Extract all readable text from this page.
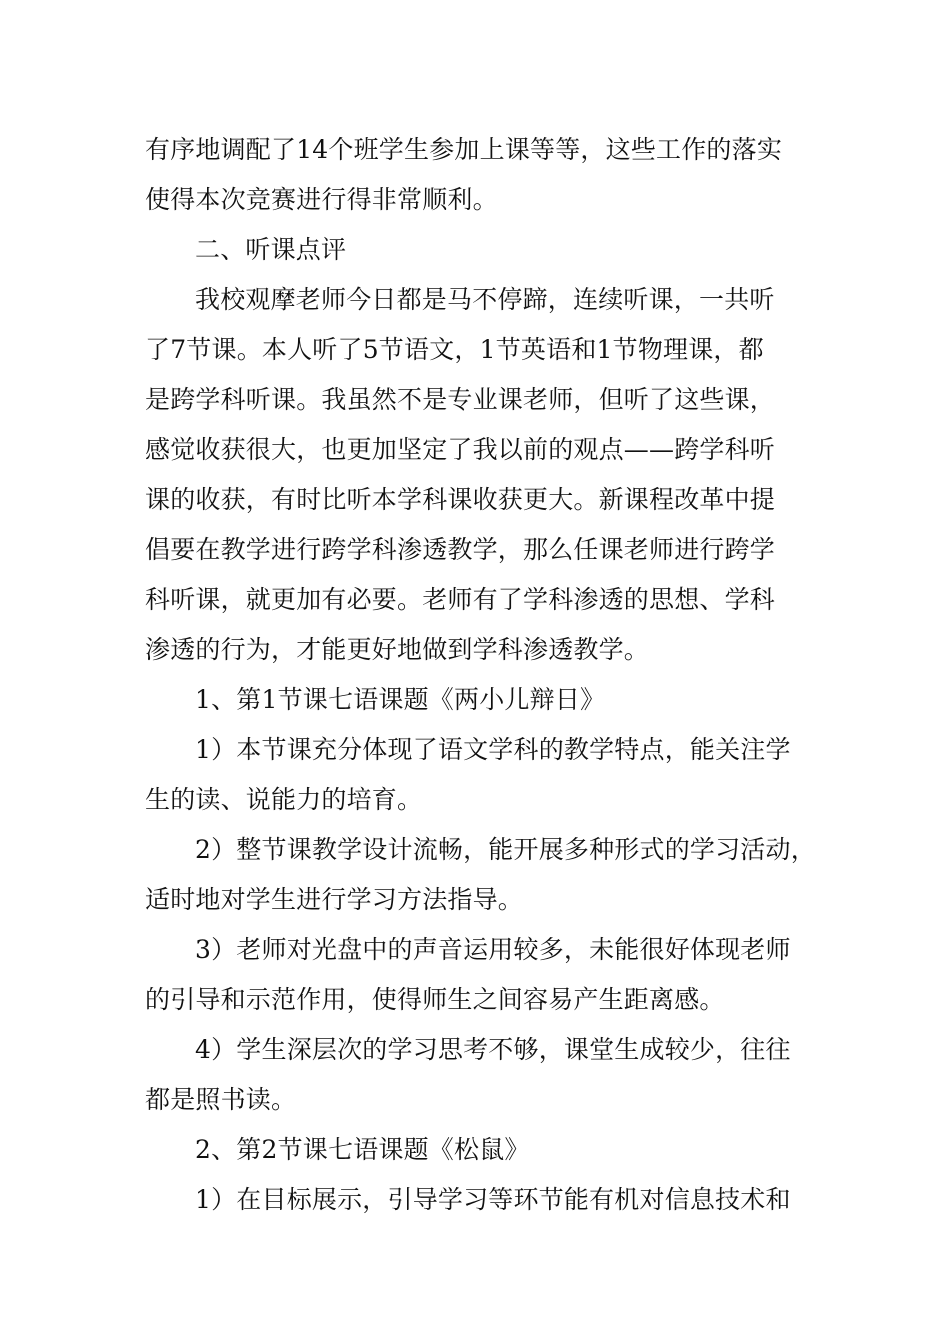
有序地调配了14个班学生参加上课等等，这些工作的落实
使得本次竞赛进行得非常顺利。
二、听课点评
我校观摩老师今日都是马不停蹄，连续听课，一共听
了7节课。本人听了5节语文，1节英语和1节物理课，都
是跨学科听课。我虽然不是专业课老师，但听了这些课，
感觉收获很大，也更加坚定了我以前的观点——跨学科听
课的收获，有时比听本学科课收获更大。新课程改革中提
倡要在教学进行跨学科渗透教学，那么任课老师进行跨学
科听课，就更加有必要。老师有了学科渗透的思想、学科
渗透的行为，才能更好地做到学科渗透教学。
1、第1节课七语课题《两小儿辩日》
1）本节课充分体现了语文学科的教学特点，能关注学
生的读、说能力的培育。
2）整节课教学设计流畅，能开展多种形式的学习活动，
适时地对学生进行学习方法指导。
3）老师对光盘中的声音运用较多，未能很好体现老师
的引导和示范作用，使得师生之间容易产生距离感。
4）学生深层次的学习思考不够，课堂生成较少，往往
都是照书读。
2、第2节课七语课题《松鼠》
1）在目标展示，引导学习等环节能有机对信息技术和
